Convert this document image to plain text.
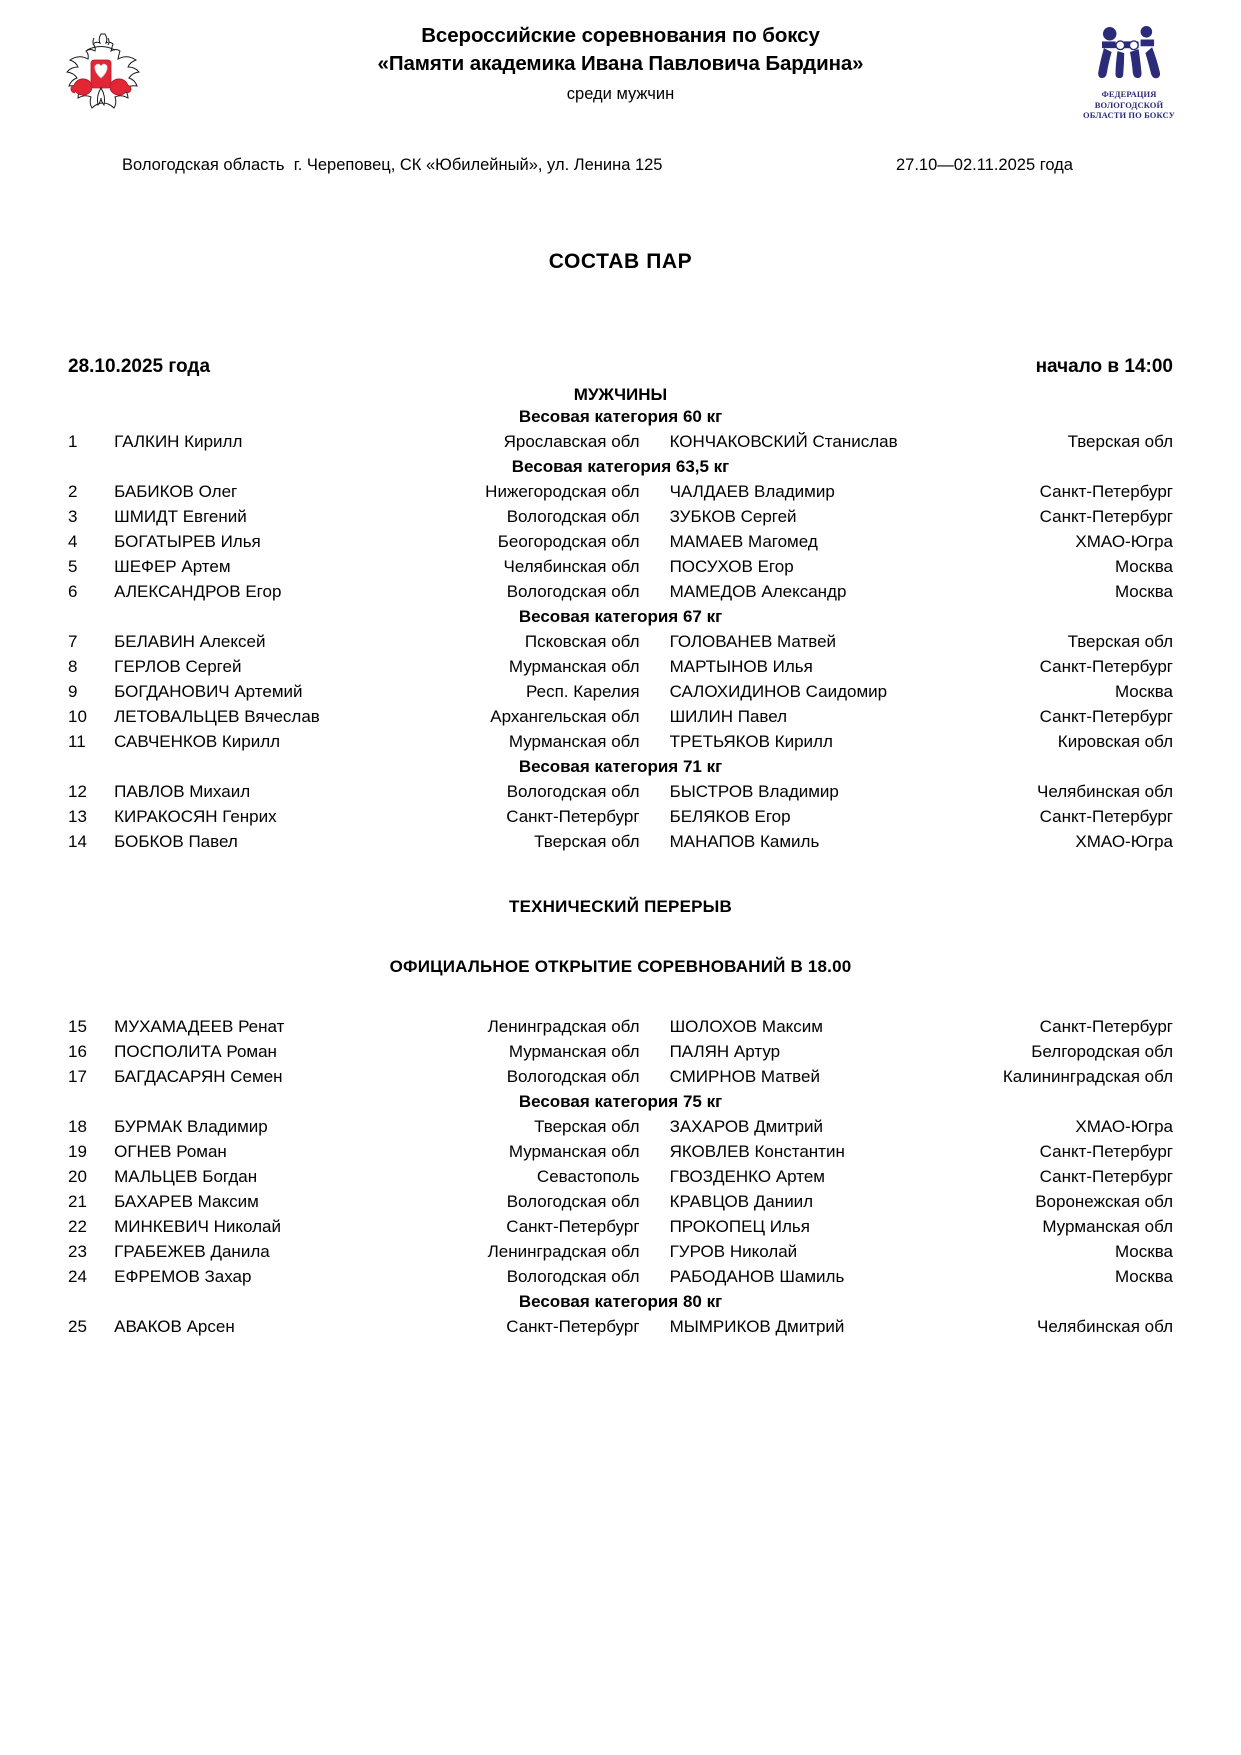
Всероссийские соревнования по боксу
«Памяти академика Ивана Павловича Бардина»
среди мужчин	ФЕДЕРАЦИЯ
ВОЛОГОДСКОЙ
ОБЛАСТИ ПО БОКСУ
Вологодская область  г. Череповец, СК «Юбилейный», ул. Ленина 125	27.10—02.11.2025 года
СОСТАВ ПАР
28.10.2025 года	начало в 14:00
МУЖЧИНЫ
Весовая категория 60 кг				
1	ГАЛКИН Кирилл	Ярославская обл	КОНЧАКОВСКИЙ Станислав	Тверская обл
Весовая категория 63,5 кг				
2	БАБИКОВ Олег	Нижегородская обл	ЧАЛДАЕВ Владимир	Санкт-Петербург
3	ШМИДТ Евгений	Вологодская обл	ЗУБКОВ Сергей	Санкт-Петербург
4	БОГАТЫРЕВ Илья	Беогородская обл	МАМАЕВ Магомед	ХМАО-Югра
5	ШЕФЕР Артем	Челябинская обл	ПОСУХОВ Егор	Москва
6	АЛЕКСАНДРОВ Егор	Вологодская обл	МАМЕДОВ Александр	Москва
Весовая категория 67 кг				
7	БЕЛАВИН Алексей	Псковская обл	ГОЛОВАНЕВ Матвей	Тверская обл
8	ГЕРЛОВ Сергей	Мурманская обл	МАРТЫНОВ Илья	Санкт-Петербург
9	БОГДАНОВИЧ Артемий	Респ. Карелия	САЛОХИДИНОВ Саидомир	Москва
10	ЛЕТОВАЛЬЦЕВ Вячеслав	Архангельская обл	ШИЛИН Павел	Санкт-Петербург
11	САВЧЕНКОВ Кирилл	Мурманская обл	ТРЕТЬЯКОВ Кирилл	Кировская обл
Весовая категория 71 кг				
12	ПАВЛОВ Михаил	Вологодская обл	БЫСТРОВ Владимир	Челябинская обл
13	КИРАКОСЯН Генрих	Санкт-Петербург	БЕЛЯКОВ Егор	Санкт-Петербург
14	БОБКОВ Павел	Тверская обл	МАНАПОВ Камиль	ХМАО-Югра
ТЕХНИЧЕСКИЙ ПЕРЕРЫВ
ОФИЦИАЛЬНОЕ ОТКРЫТИЕ СОРЕВНОВАНИЙ В 18.00
15	МУХАМАДЕЕВ Ренат	Ленинградская обл	ШОЛОХОВ Максим	Санкт-Петербург
16	ПОСПОЛИТА Роман	Мурманская обл	ПАЛЯН Артур	Белгородская обл
17	БАГДАСАРЯН Семен	Вологодская обл	СМИРНОВ Матвей	Калининградская обл
Весовая категория 75 кг				
18	БУРМАК Владимир	Тверская обл	ЗАХАРОВ Дмитрий	ХМАО-Югра
19	ОГНЕВ Роман	Мурманская обл	ЯКОВЛЕВ Константин	Санкт-Петербург
20	МАЛЬЦЕВ Богдан	Севастополь	ГВОЗДЕНКО Артем	Санкт-Петербург
21	БАХАРЕВ Максим	Вологодская обл	КРАВЦОВ Даниил	Воронежская обл
22	МИНКЕВИЧ Николай	Санкт-Петербург	ПРОКОПЕЦ Илья	Мурманская обл
23	ГРАБЕЖЕВ Данила	Ленинградская обл	ГУРОВ Николай	Москва
24	ЕФРЕМОВ Захар	Вологодская обл	РАБОДАНОВ Шамиль	Москва
Весовая категория 80 кг				
25	АВАКОВ Арсен	Санкт-Петербург	МЫМРИКОВ Дмитрий	Челябинская обл
